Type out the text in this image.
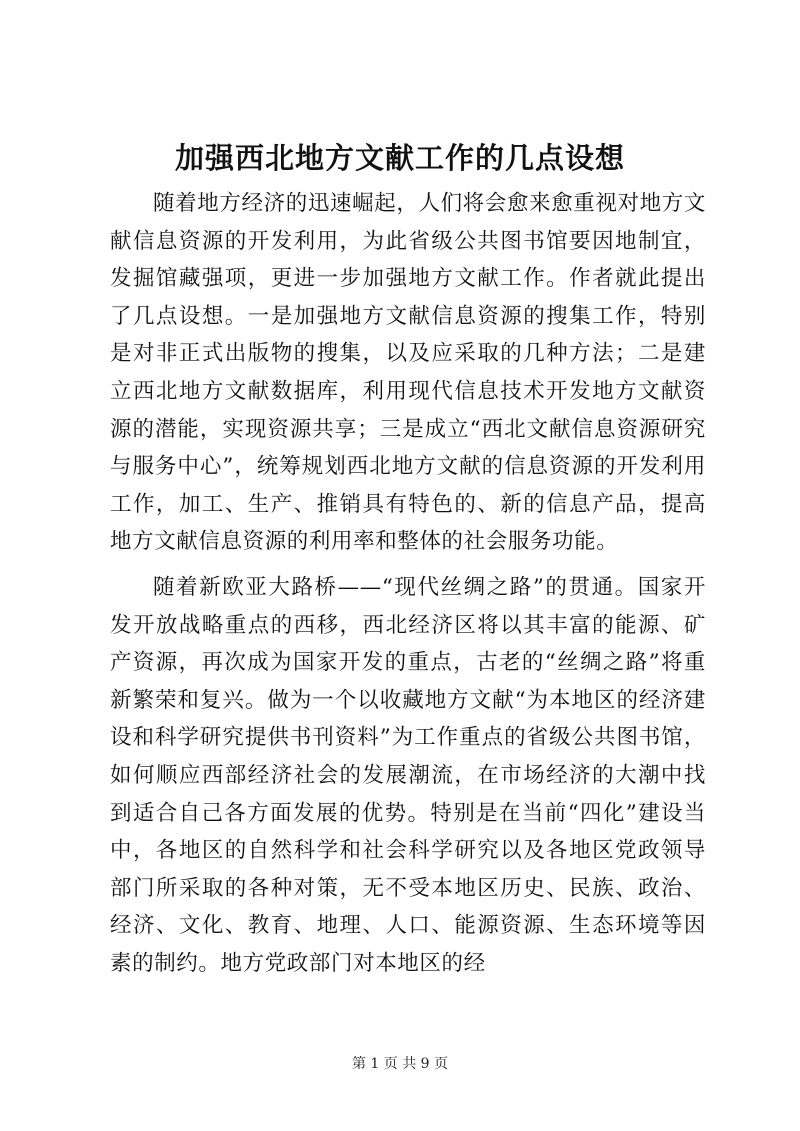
加强西北地方文献工作的几点设想

随着地方经济的迅速崛起，人们将会愈来愈重视对地方文献信息资源的开发利用，为此省级公共图书馆要因地制宜，发掘馆藏强项，更进一步加强地方文献工作。作者就此提出了几点设想。一是加强地方文献信息资源的搜集工作，特别是对非正式出版物的搜集，以及应采取的几种方法；二是建立西北地方文献数据库，利用现代信息技术开发地方文献资源的潜能，实现资源共享；三是成立“西北文献信息资源研究与服务中心”，统筹规划西北地方文献的信息资源的开发利用工作，加工、生产、推销具有特色的、新的信息产品，提高地方文献信息资源的利用率和整体的社会服务功能。

随着新欧亚大路桥——“现代丝绸之路”的贯通。国家开发开放战略重点的西移，西北经济区将以其丰富的能源、矿产资源，再次成为国家开发的重点，古老的“丝绸之路”将重新繁荣和复兴。做为一个以收藏地方文献“为本地区的经济建设和科学研究提供书刊资料”为工作重点的省级公共图书馆，如何顺应西部经济社会的发展潮流，在市场经济的大潮中找到适合自己各方面发展的优势。特别是在当前“四化”建设当中，各地区的自然科学和社会科学研究以及各地区党政领导部门所采取的各种对策，无不受本地区历史、民族、政治、经济、文化、教育、地理、人口、能源资源、生态环境等因素的制约。地方党政部门对本地区的经

第 1 页 共 9 页
